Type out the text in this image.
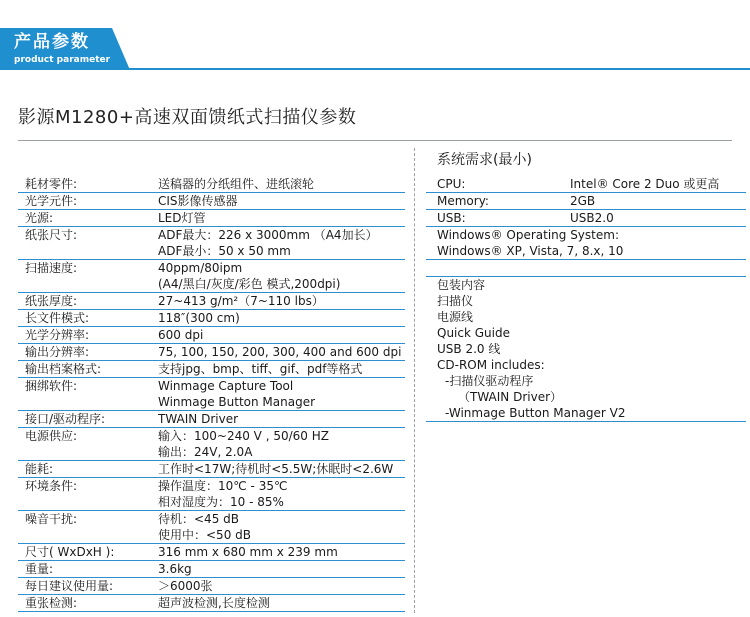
产品参数
product parameter
影源M1280+高速双面馈纸式扫描仪参数
耗材零件:	送稿器的分纸组件、进纸滚轮
光学元件:	CIS影像传感器
光源:	LED灯管
纸张尺寸:	ADF最大：226 x 3000mm （A4加长）
ADF最小：50 x 50 mm
扫描速度:	40ppm/80ipm
(A4/黑白/灰度/彩色 模式,200dpi)
纸张厚度:	27~413 g/m²（7~110 lbs）
长文件模式:	118″(300 cm)
光学分辨率:	600 dpi
输出分辨率:	75, 100, 150, 200, 300, 400 and 600 dpi
输出档案格式:	支持jpg、bmp、tiff、gif、pdf等格式
捆绑软件:	Winmage Capture Tool
Winmage Button Manager
接口/驱动程序:	TWAIN Driver
电源供应:	输入：100~240 V , 50/60 HZ
输出：24V, 2.0A
能耗:	工作时<17W;待机时<5.5W;休眠时<2.6W
环境条件:	操作温度：10℃ - 35℃
相对湿度为：10 - 85%
噪音干扰:	待机：<45 dB
使用中：<50 dB
尺寸( WxDxH ):	316 mm x 680 mm x 239 mm
重量:	3.6kg
每日建议使用量:	＞6000张
重张检测:	超声波检测,长度检测
系统需求(最小)
CPU:	Intel® Core 2 Duo 或更高
Memory:	2GB
USB:	USB2.0
Windows® Operating System:
Windows® XP, Vista, 7, 8.x, 10
包装内容
扫描仪
电源线
Quick Guide
USB 2.0 线
CD-ROM includes:
-扫描仪驱动程序
（TWAIN Driver）
-Winmage Button Manager V2
